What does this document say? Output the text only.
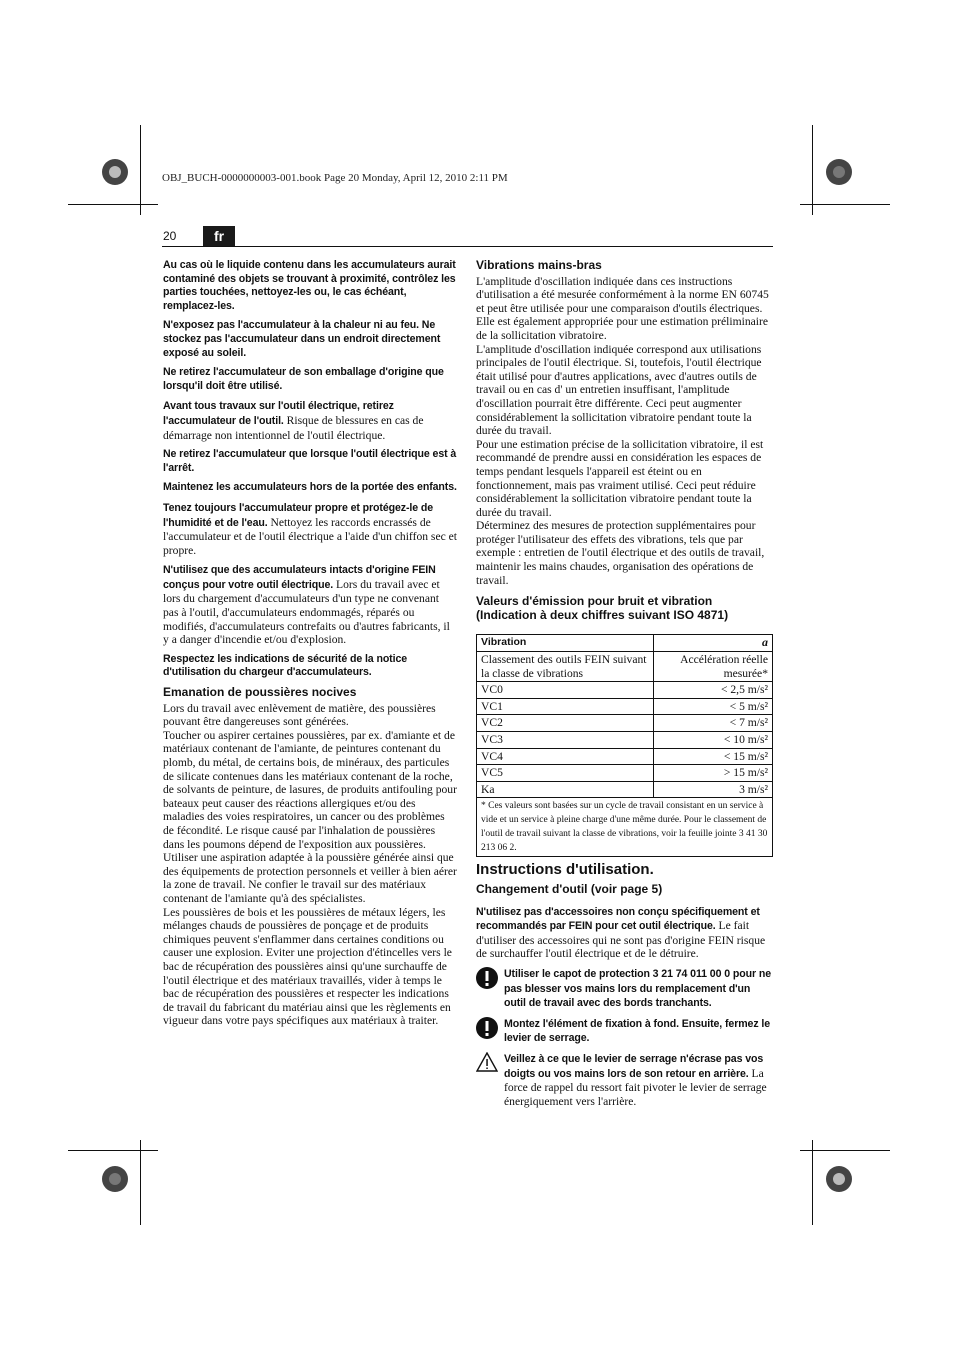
OBJ_BUCH-0000000003-001.book Page 20 Monday, April 12, 2010 2:11 PM
20	fr

Au cas où le liquide contenu dans les accumulateurs aurait contaminé des objets se trouvant à proximité, contrôlez les parties touchées, nettoyez-les ou, le cas échéant, remplacez-les.

N'exposez pas l'accumulateur à la chaleur ni au feu. Ne stockez pas l'accumulateur dans un endroit directement exposé au soleil.

Ne retirez l'accumulateur de son emballage d'origine que lorsqu'il doit être utilisé.

Avant tous travaux sur l'outil électrique, retirez l'accumulateur de l'outil. Risque de blessures en cas de démarrage non intentionnel de l'outil électrique.

Ne retirez l'accumulateur que lorsque l'outil électrique est à l'arrêt.

Maintenez les accumulateurs hors de la portée des enfants.

Tenez toujours l'accumulateur propre et protégez-le de l'humidité et de l'eau. Nettoyez les raccords encrassés de l'accumulateur et de l'outil électrique a l'aide d'un chiffon sec et propre.

N'utilisez que des accumulateurs intacts d'origine FEIN conçus pour votre outil électrique. Lors du travail avec et lors du chargement d'accumulateurs d'un type ne convenant pas à l'outil, d'accumulateurs endommagés, réparés ou modifiés, d'accumulateurs contrefaits ou d'autres fabricants, il y a danger d'incendie et/ou d'explosion.

Respectez les indications de sécurité de la notice d'utilisation du chargeur d'accumulateurs.

Emanation de poussières nocives

Lors du travail avec enlèvement de matière, des poussières pouvant être dangereuses sont générées.

Toucher ou aspirer certaines poussières, par ex. d'amiante et de matériaux contenant de l'amiante, de peintures contenant du plomb, du métal, de certains bois, de minéraux, des particules de silicate contenues dans les matériaux contenant de la roche, de solvants de peinture, de lasures, de produits antifouling pour bateaux peut causer des réactions allergiques et/ou des maladies des voies respiratoires, un cancer ou des problèmes de fécondité. Le risque causé par l'inhalation de poussières dans les poumons dépend de l'exposition aux poussières. Utiliser une aspiration adaptée à la poussière générée ainsi que des équipements de protection personnels et veiller à bien aérer la zone de travail. Ne confier le travail sur des matériaux contenant de l'amiante qu'à des spécialistes.

Les poussières de bois et les poussières de métaux légers, les mélanges chauds de poussières de ponçage et de produits chimiques peuvent s'enflammer dans certaines conditions ou causer une explosion. Eviter une projection d'étincelles vers le bac de récupération des poussières ainsi qu'une surchauffe de l'outil électrique et des matériaux travaillés, vider à temps le bac de récupération des poussières et respecter les indications de travail du fabricant du matériau ainsi que les règlements en vigueur dans votre pays spécifiques aux matériaux à traiter.

Vibrations mains-bras

L'amplitude d'oscillation indiquée dans ces instructions d'utilisation a été mesurée conformément à la norme EN 60745 et peut être utilisée pour une comparaison d'outils électriques. Elle est également appropriée pour une estimation préliminaire de la sollicitation vibratoire.

L'amplitude d'oscillation indiquée correspond aux utilisations principales de l'outil électrique. Si, toutefois, l'outil électrique était utilisé pour d'autres applications, avec d'autres outils de travail ou en cas d' un entretien insuffisant, l'amplitude d'oscillation pourrait être différente. Ceci peut augmenter considérablement la sollicitation vibratoire pendant toute la durée du travail.

Pour une estimation précise de la sollicitation vibratoire, il est recommandé de prendre aussi en considération les espaces de temps pendant lesquels l'appareil est éteint ou en fonctionnement, mais pas vraiment utilisé. Ceci peut réduire considérablement la sollicitation vibratoire pendant toute la durée du travail.

Déterminez des mesures de protection supplémentaires pour protéger l'utilisateur des effets des vibrations, tels que par exemple : entretien de l'outil électrique et des outils de travail, maintenir les mains chaudes, organisation des opérations de travail.

Valeurs d'émission pour bruit et vibration (Indication à deux chiffres suivant ISO 4871)
Vibration	a
Classement des outils FEIN suivant la classe de vibrations	Accélération réelle mesurée*
VC0	< 2,5 m/s²
VC1	< 5 m/s²
VC2	< 7 m/s²
VC3	< 10 m/s²
VC4	< 15 m/s²
VC5	> 15 m/s²
Ka	3 m/s²
* Ces valeurs sont basées sur un cycle de travail consistant en un service à vide et un service à pleine charge d'une même durée. Pour le classement de l'outil de travail suivant la classe de vibrations, voir la feuille jointe 3 41 30 213 06 2.	
Instructions d'utilisation.
Changement d'outil (voir page 5)

N'utilisez pas d'accessoires non conçu spécifiquement et recommandés par FEIN pour cet outil électrique. Le fait d'utiliser des accessoires qui ne sont pas d'origine FEIN risque de surchauffer l'outil électrique et de le détruire.

Utiliser le capot de protection 3 21 74 011 00 0 pour ne pas blesser vos mains lors du remplacement d'un outil de travail avec des bords tranchants.
Montez l'élément de fixation à fond. Ensuite, fermez le levier de serrage.
Veillez à ce que le levier de serrage n'écrase pas vos doigts ou vos mains lors de son retour en arrière. La force de rappel du ressort fait pivoter le levier de serrage énergiquement vers l'arrière.
